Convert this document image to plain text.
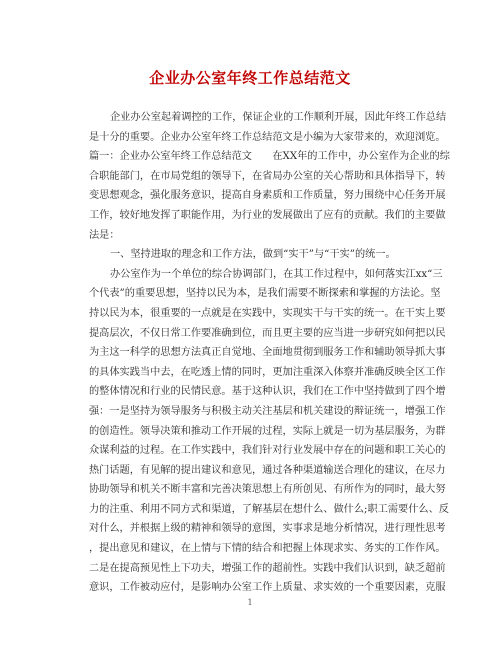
企业办公室年终工作总结范文
企业办公室起着调控的工作，保证企业的工作顺利开展，因此年终工作总结
是十分的重要。企业办公室年终工作总结范文是小编为大家带来的，欢迎浏览。
篇一：企业办公室年终工作总结范文　　在XX年的工作中，办公室作为企业的综
合职能部门，在市局党组的领导下，在省局办公室的关心帮助和具体指导下，转
变思想观念，强化服务意识，提高自身素质和工作质量，努力围绕中心任务开展
工作，较好地发挥了职能作用，为行业的发展做出了应有的贡献。我们的主要做
法是：
一、坚持进取的理念和工作方法，做到“实干”与“干实”的统一。
办公室作为一个单位的综合协调部门，在其工作过程中，如何落实江xx“三
个代表”的重要思想，坚持以民为本，是我们需要不断探索和掌握的方法论。坚
持以民为本，很重要的一点就是在实践中，实现实干与干实的统一。在干实上要
提高层次，不仅日常工作要准确到位，而且更主要的应当进一步研究如何把以民
为主这一科学的思想方法真正自觉地、全面地贯彻到服务工作和辅助领导抓大事
的具体实践当中去，在吃透上情的同时，更加注重深入体察并准确反映全区工作
的整体情况和行业的民情民意。基于这种认识，我们在工作中坚持做到了四个增
强：一是坚持为领导服务与积极主动关注基层和机关建设的辩证统一，增强工作
的创造性。领导决策和推动工作开展的过程，实际上就是一切为基层服务，为群
众谋利益的过程。在工作实践中，我们针对行业发展中存在的问题和职工关心的
热门话题，有见解的提出建议和意见，通过各种渠道输送合理化的建议，在尽力
协助领导和机关不断丰富和完善决策思想上有所创见、有所作为的同时，最大努
力的注重、利用不同方式和渠道，了解基层在想什么、做什么;职工需要什么、反
对什么，并根据上级的精神和领导的意图，实事求是地分析情况，进行理性思考
，提出意见和建议，在上情与下情的结合和把握上体现求实、务实的工作作风。
二是在提高预见性上下功夫，增强工作的超前性。实践中我们认识到，缺乏超前
意识，工作被动应付，是影响办公室工作上质量、求实效的一个重要因素，克服
1
